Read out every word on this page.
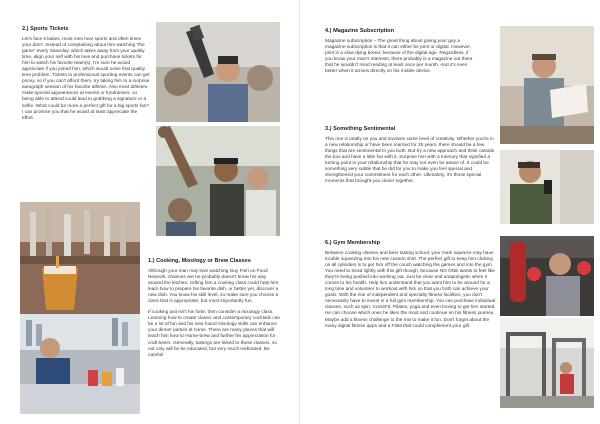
2.) Sports Tickets

Let's face it ladies, most men love sports and often times your don't. Instead of complaining about him watching “the game” every Saturday, which takes away from your quality time, align your self with his love and purchase tickets for him to watch his favorite team(s). I'm sure he would appreciate if you joined him, which would solve that quality time problem. Tickets to professional sporting events can get pricey, so if you can't afford them, try taking him to a surprise autograph session of his favorite athlete. Also most athletes make special appearances at events or fundraisers, so being able to attend could lead to grabbing a signature or a selfie. What could be more a perfect gift for a big sports fan? I can promise you that he would at least appreciate the effort.

1.) Cooking, Mixology or Brew Classes

Although your man may love watching Guy Fieri on Food Network, chances are he probably doesn't know his way around the kitchen. Gifting him a cooking class could help him learn how to prepare his favorite dish, or better yet, discover a new dish. You know his skill level, so make sure you choose a class that is appropriate, but most importantly fun.

If cooking just isn't his forte, then consider a mixology class. Learning how to create classic and contemporary cocktails can be a lot of fun and his new found mixology skills can enhance your dinner parties at home. There are many places that will teach him how to Home-brew and further his appreciation for craft beers. Generally, tastings are linked to these classes, so not only will he be educated, but very much inebriated. Be careful!

4.) Magazine Subscription

Magazine subscription – The great thing about giving your guy a magazine subscription is that it can either be print or digital. However, print is a slow dying breed, because of the digital age. Regardless, if you know your man's interests, there probably is a magazine out there that he wouldn't mind reading at least once per month. And it's even better when it arrives directly on his mobile device.

3.) Something Sentimental

This one is totally on you and involves some level of creativity. Whether you're in a new relationship or have been married for 25 years, there should be a few things that are sentimental to you both. But try a new approach and think outside the box and have a little fun with it. Surprise him with a memory that signified a turning point in your relationship that he may not even be aware of. It could be something very subtle that he did for you to make you feel special and strengthened your commitment for each other. Ultimately, it's those special moments that brought you closer together.

6.) Gym Membership

Between cooking classes and beer tasting school, your main squeeze may have trouble squeezing into his new custom shirt. The perfect gift to keep him clicking on all cylinders is to get him off the couch watching the games and into the gym. You need to tread lightly with this gift though, because NO ONE wants to feel like they're being pushed into working out. Just be clear and unapologetic when it comes to his health. Help him understand that you want him to be around for a long time and volunteer to workout with him so that you both can achieve your goals. With the rise of independent and specialty fitness facilities, you don't necessarily have to invest in a full gym membership. You can purchase individual classes, such as spin, CrossFit, Pilates, yoga and even boxing to get him started. He can choose which ones he likes the most and continue on his fitness journey. Maybe add a fitness challenge to the mix to make it fun. Don't forget about the many digital fitness apps and a Fitbit that could complement your gift.
